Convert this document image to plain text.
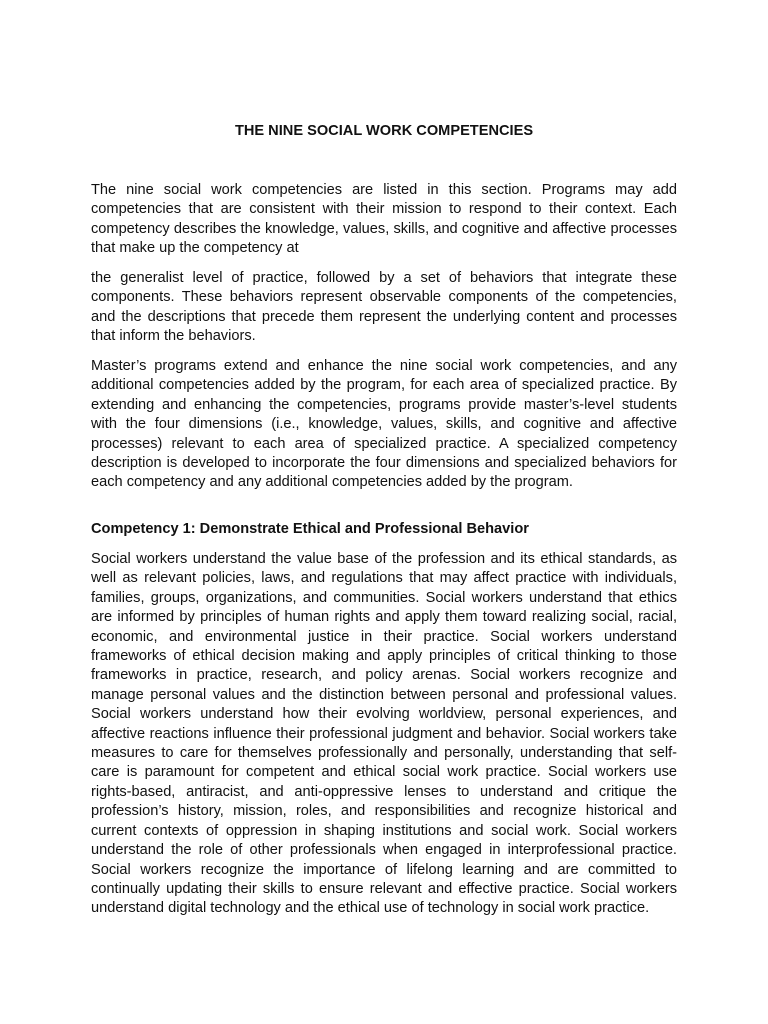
THE NINE SOCIAL WORK COMPETENCIES

The nine social work competencies are listed in this section. Programs may add competencies that are consistent with their mission to respond to their context. Each competency describes the knowledge, values, skills, and cognitive and affective processes that make up the competency at

the generalist level of practice, followed by a set of behaviors that integrate these components. These behaviors represent observable components of the competencies, and the descriptions that precede them represent the underlying content and processes that inform the behaviors.

Master’s programs extend and enhance the nine social work competencies, and any additional competencies added by the program, for each area of specialized practice. By extending and enhancing the competencies, programs provide master’s-level students with the four dimensions (i.e., knowledge, values, skills, and cognitive and affective processes) relevant to each area of specialized practice. A specialized competency description is developed to incorporate the four dimensions and specialized behaviors for each competency and any additional competencies added by the program.

Competency 1: Demonstrate Ethical and Professional Behavior

Social workers understand the value base of the profession and its ethical standards, as well as relevant policies, laws, and regulations that may affect practice with individuals, families, groups, organizations, and communities. Social workers understand that ethics are informed by principles of human rights and apply them toward realizing social, racial, economic, and environmental justice in their practice. Social workers understand frameworks of ethical decision making and apply principles of critical thinking to those frameworks in practice, research, and policy arenas. Social workers recognize and manage personal values and the distinction between personal and professional values. Social workers understand how their evolving worldview, personal experiences, and affective reactions influence their professional judgment and behavior. Social workers take measures to care for themselves professionally and personally, understanding that self-care is paramount for competent and ethical social work practice. Social workers use rights-based, antiracist, and anti-oppressive lenses to understand and critique the profession’s history, mission, roles, and responsibilities and recognize historical and current contexts of oppression in shaping institutions and social work. Social workers understand the role of other professionals when engaged in interprofessional practice. Social workers recognize the importance of lifelong learning and are committed to continually updating their skills to ensure relevant and effective practice. Social workers understand digital technology and the ethical use of technology in social work practice.
